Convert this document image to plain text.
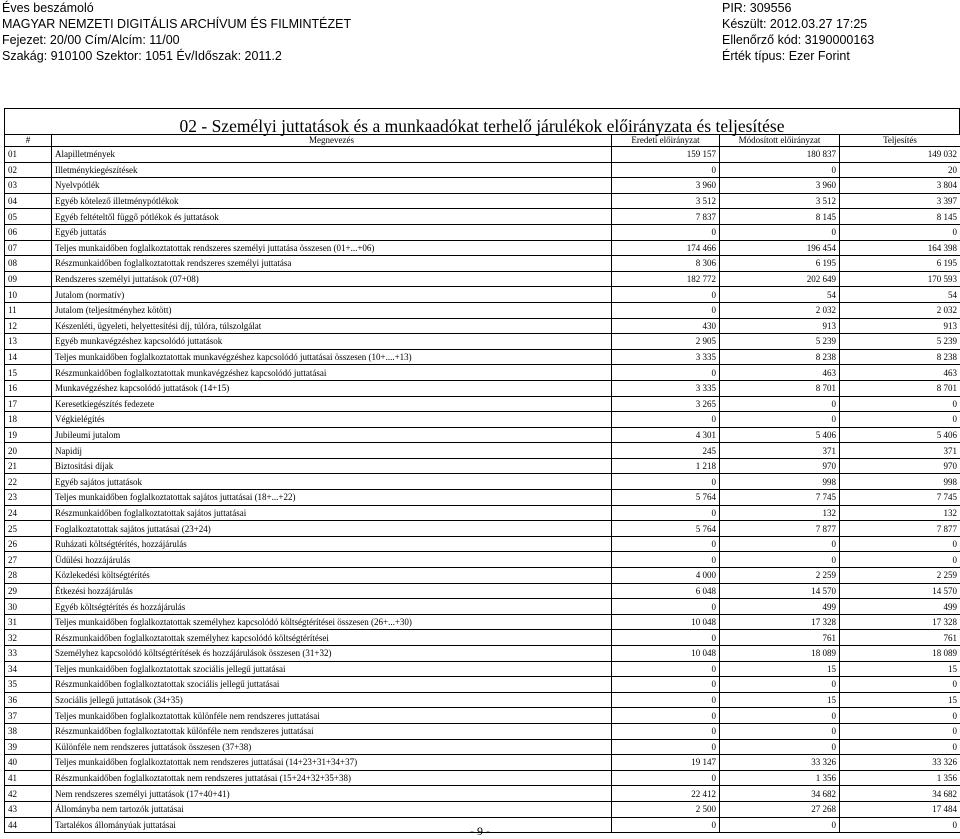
Éves beszámoló
MAGYAR NEMZETI DIGITÁLIS ARCHÍVUM ÉS FILMINTÉZET
Fejezet: 20/00 Cím/Alcím: 11/00
Szakág: 910100 Szektor: 1051 Év/Időszak: 2011.2
PIR: 309556
Készült: 2012.03.27 17:25
Ellenőrző kód: 3190000163
Érték típus: Ezer Forint
02 - Személyi juttatások és a munkaadókat terhelő járulékok előirányzata és teljesítése
#	Megnevezés	Eredeti előirányzat	Módosított előirányzat	Teljesítés
01	Alapilletmények	159 157	180 837	149 032
02	Illetménykiegészítések	0	0	20
03	Nyelvpótlék	3 960	3 960	3 804
04	Egyéb kötelező illetménypótlékok	3 512	3 512	3 397
05	Egyéb feltételtől függő pótlékok és juttatások	7 837	8 145	8 145
06	Egyéb juttatás	0	0	0
07	Teljes munkaidőben foglalkoztatottak rendszeres személyi juttatása összesen (01+...+06)	174 466	196 454	164 398
08	Részmunkaidőben foglalkoztatottak rendszeres személyi juttatása	8 306	6 195	6 195
09	Rendszeres személyi juttatások (07+08)	182 772	202 649	170 593
10	Jutalom (normatív)	0	54	54
11	Jutalom (teljesítményhez kötött)	0	2 032	2 032
12	Készenléti, ügyeleti, helyettesítési díj, túlóra, túlszolgálat	430	913	913
13	Egyéb munkavégzéshez kapcsolódó juttatások	2 905	5 239	5 239
14	Teljes munkaidőben foglalkoztatottak munkavégzéshez kapcsolódó juttatásai összesen (10+....+13)	3 335	8 238	8 238
15	Részmunkaidőben foglalkoztatottak munkavégzéshez kapcsolódó juttatásai	0	463	463
16	Munkavégzéshez kapcsolódó juttatások (14+15)	3 335	8 701	8 701
17	Keresetkiegészítés fedezete	3 265	0	0
18	Végkielégítés	0	0	0
19	Jubileumi jutalom	4 301	5 406	5 406
20	Napidíj	245	371	371
21	Biztosítási díjak	1 218	970	970
22	Egyéb sajátos juttatások	0	998	998
23	Teljes munkaidőben foglalkoztatottak sajátos juttatásai (18+...+22)	5 764	7 745	7 745
24	Részmunkaidőben foglalkoztatottak sajátos juttatásai	0	132	132
25	Foglalkoztatottak sajátos juttatásai (23+24)	5 764	7 877	7 877
26	Ruházati költségtérítés, hozzájárulás	0	0	0
27	Üdülési hozzájárulás	0	0	0
28	Közlekedési költségtérítés	4 000	2 259	2 259
29	Étkezési hozzájárulás	6 048	14 570	14 570
30	Egyéb költségtérítés és hozzájárulás	0	499	499
31	Teljes munkaidőben foglalkoztatottak személyhez kapcsolódó költségtérítései összesen (26+...+30)	10 048	17 328	17 328
32	Részmunkaidőben foglalkoztatottak személyhez kapcsolódó költségtérítései	0	761	761
33	Személyhez kapcsolódó költségtérítések és hozzájárulások összesen (31+32)	10 048	18 089	18 089
34	Teljes munkaidőben foglalkoztatottak szociális jellegű juttatásai	0	15	15
35	Részmunkaidőben foglalkoztatottak szociális jellegű juttatásai	0	0	0
36	Szociális jellegű juttatások (34+35)	0	15	15
37	Teljes munkaidőben foglalkoztatottak különféle nem rendszeres juttatásai	0	0	0
38	Részmunkaidőben foglalkoztatottak különféle nem rendszeres juttatásai	0	0	0
39	Különféle nem rendszeres juttatások összesen (37+38)	0	0	0
40	Teljes munkaidőben foglalkoztatottak nem rendszeres juttatásai (14+23+31+34+37)	19 147	33 326	33 326
41	Részmunkaidőben foglalkoztatottak nem rendszeres juttatásai (15+24+32+35+38)	0	1 356	1 356
42	Nem rendszeres személyi juttatások (17+40+41)	22 412	34 682	34 682
43	Állományba nem tartozók juttatásai	2 500	27 268	17 484
44	Tartalékos állományúak juttatásai	0	0	0
- 9 -
